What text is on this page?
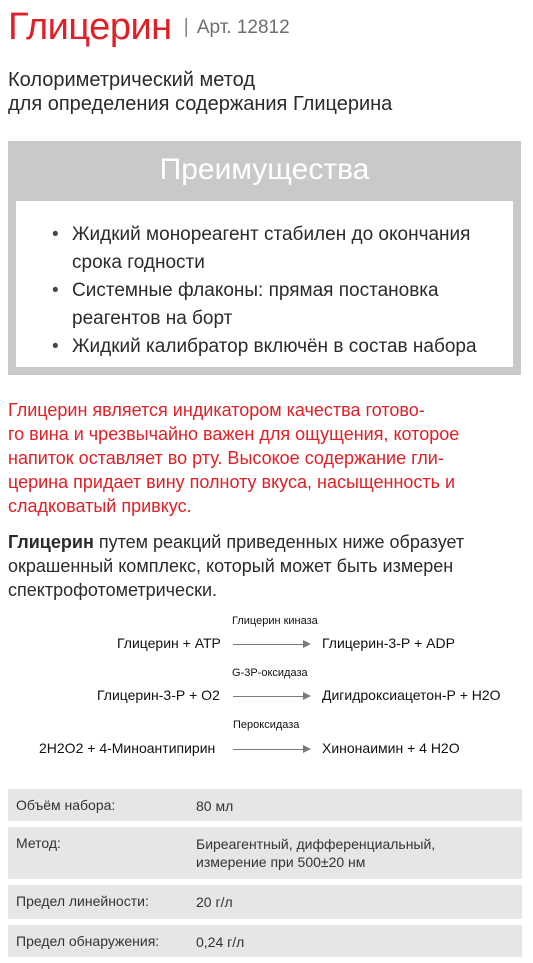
Глицерин | Арт. 12812
Колориметрический метод
для определения содержания Глицерина
Преимущества
• Жидкий монореагент стабилен до окончания
срока годности
• Системные флаконы: прямая постановка
реагентов на борт
• Жидкий калибратор включён в состав набора
Глицерин является индикатором качества готово-
го вина и чрезвычайно важен для ощущения, которое
напиток оставляет во рту. Высокое содержание гли-
церина придает вину полноту вкуса, насыщенность и
сладковатый привкус.
Глицерин путем реакций приведенных ниже образует
окрашенный комплекс, который может быть измерен
спектрофотометрически.
Глицерин киназа
Глицерин + АТР	Глицерин-3-Р + ADP
G-3P-оксидаза
Глицерин-3-Р + О2	Дигидроксиацетон-Р + Н2О
Пероксидаза
2Н2О2 + 4-Миноантипирин	Хинонаимин + 4 Н2О
Объём набора:	80 мл
Метод:	Биреагентный, дифференциальный,
измерение при 500±20 нм
Предел линейности:	20 г/л
Предел обнаружения:	0,24 г/л
